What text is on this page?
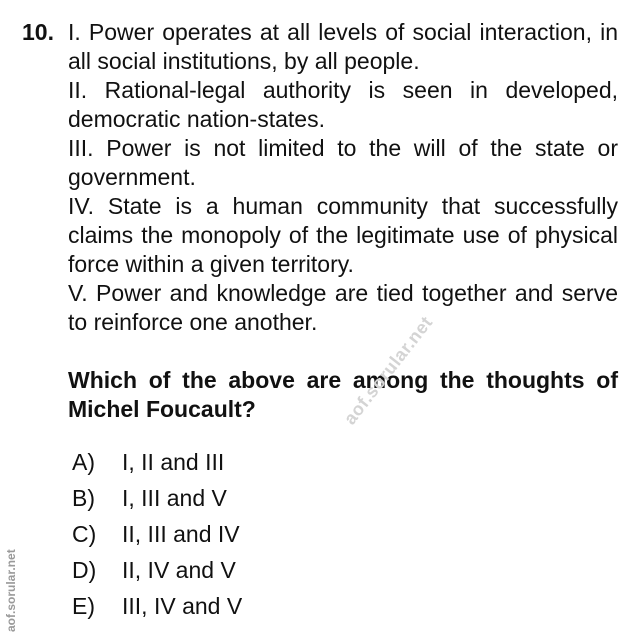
10. I. Power operates at all levels of social interaction, in all social institutions, by all people.

II. Rational-legal authority is seen in developed, democratic nation-states.

III. Power is not limited to the will of the state or government.

IV. State is a human community that successfully claims the monopoly of the legitimate use of physical force within a given territory.

V. Power and knowledge are tied together and serve to reinforce one another.

Which of the above are among the thoughts of Michel Foucault?

A)	I, II and III
B)	I, III and V
C)	II, III and IV
D)	II, IV and V
E)	III, IV and V
aof.sorular.net
aof.sorular.net
